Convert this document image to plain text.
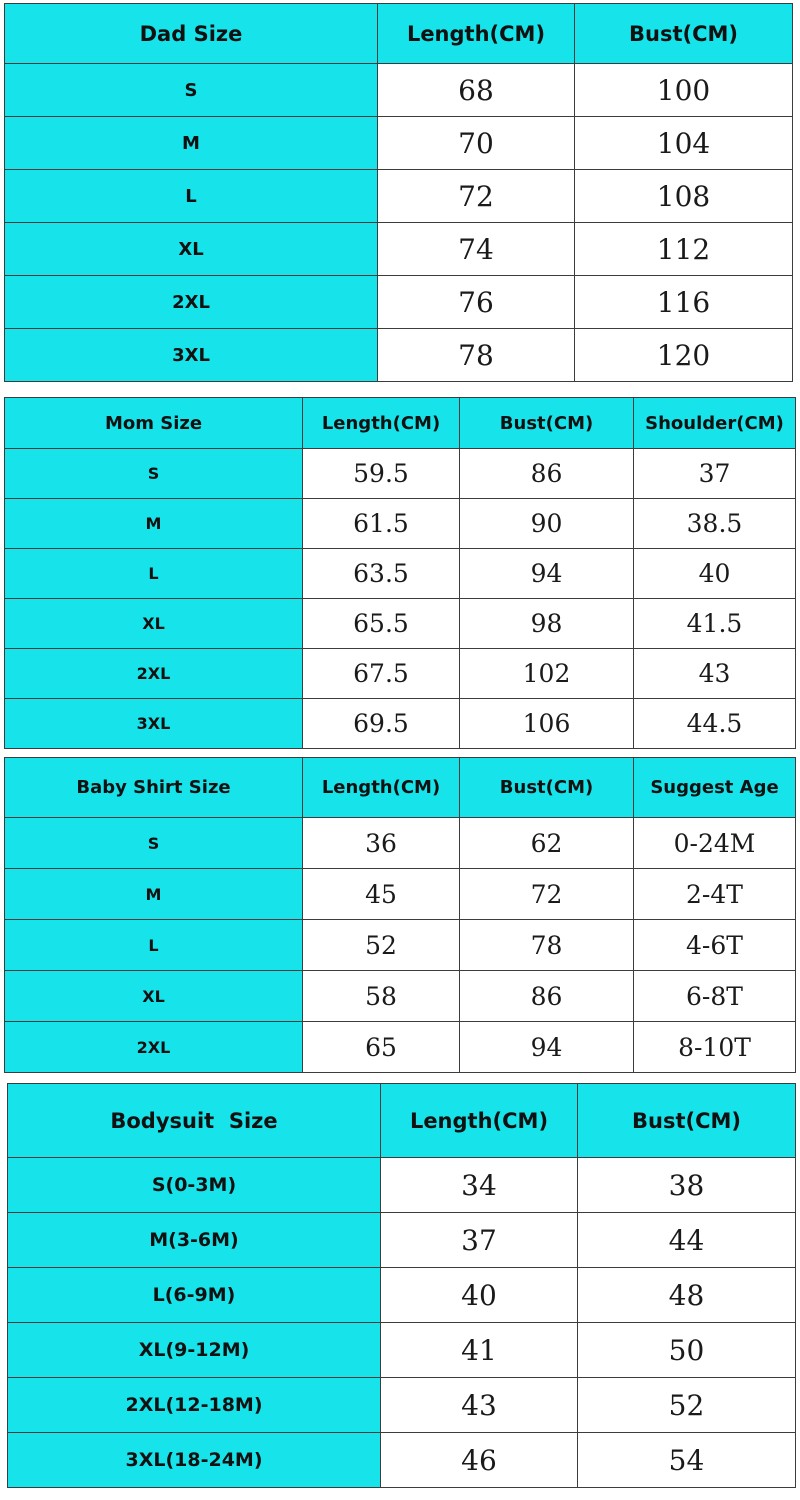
Dad Size	Length(CM)	Bust(CM)
S	68	100
M	70	104
L	72	108
XL	74	112
2XL	76	116
3XL	78	120
Mom Size	Length(CM)	Bust(CM)	Shoulder(CM)
S	59.5	86	37
M	61.5	90	38.5
L	63.5	94	40
XL	65.5	98	41.5
2XL	67.5	102	43
3XL	69.5	106	44.5
Baby Shirt Size	Length(CM)	Bust(CM)	Suggest Age
S	36	62	0-24M
M	45	72	2-4T
L	52	78	4-6T
XL	58	86	6-8T
2XL	65	94	8-10T
Bodysuit  Size	Length(CM)	Bust(CM)
S(0-3M)	34	38
M(3-6M)	37	44
L(6-9M)	40	48
XL(9-12M)	41	50
2XL(12-18M)	43	52
3XL(18-24M)	46	54
